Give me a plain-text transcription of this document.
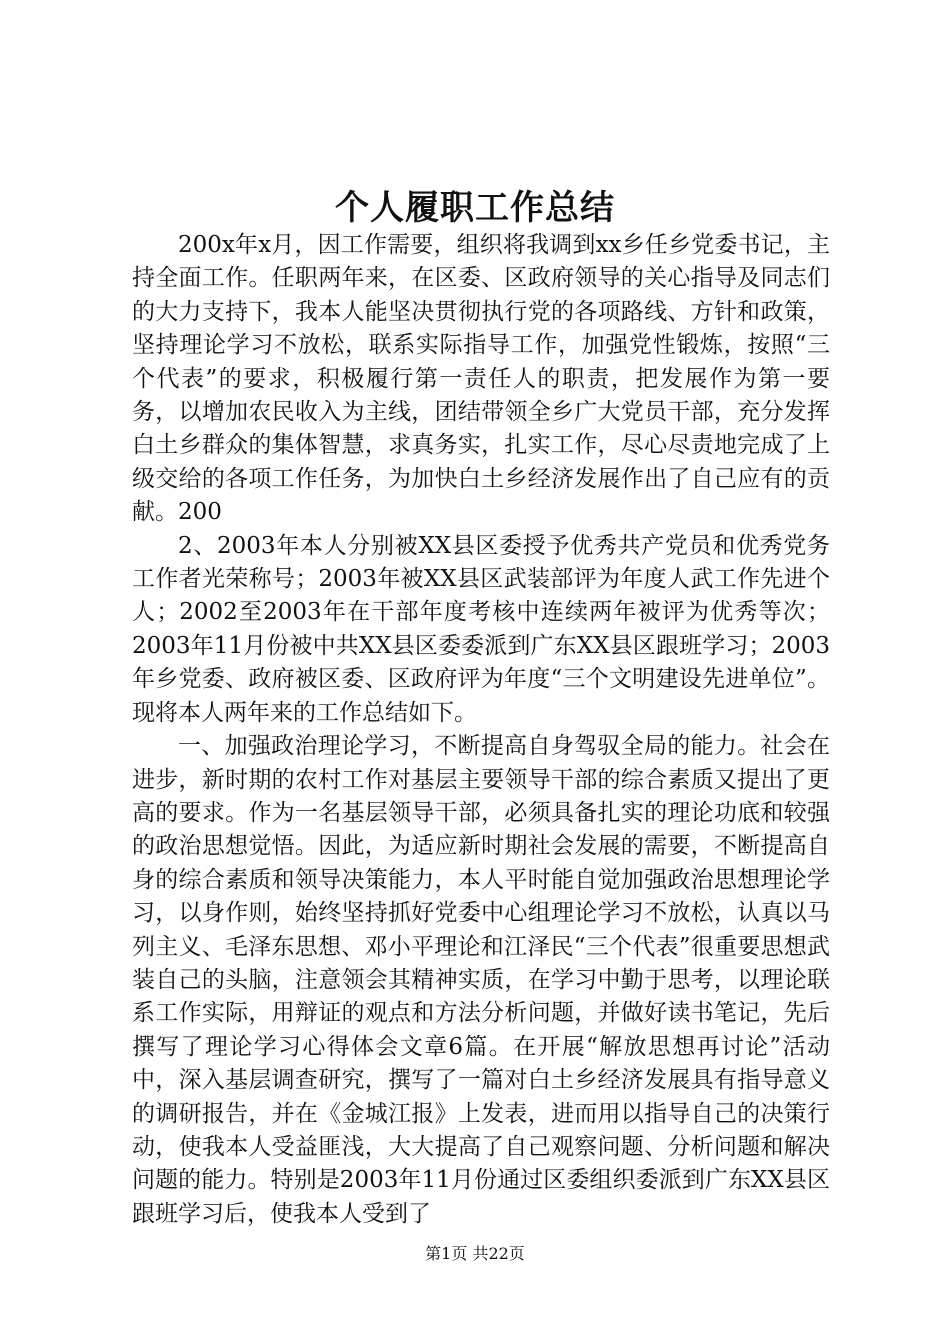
个人履职工作总结

200x年x月，因工作需要，组织将我调到xx乡任乡党委书记，主持全面工作。任职两年来，在区委、区政府领导的关心指导及同志们的大力支持下，我本人能坚决贯彻执行党的各项路线、方针和政策，坚持理论学习不放松，联系实际指导工作，加强党性锻炼，按照“三个代表”的要求，积极履行第一责任人的职责，把发展作为第一要务，以增加农民收入为主线，团结带领全乡广大党员干部，充分发挥白土乡群众的集体智慧，求真务实，扎实工作，尽心尽责地完成了上级交给的各项工作任务，为加快白土乡经济发展作出了自己应有的贡献。200

2、2003年本人分别被XX县区委授予优秀共产党员和优秀党务工作者光荣称号；2003年被XX县区武装部评为年度人武工作先进个人；2002至2003年在干部年度考核中连续两年被评为优秀等次；2003年11月份被中共XX县区委委派到广东XX县区跟班学习；2003年乡党委、政府被区委、区政府评为年度“三个文明建设先进单位”。现将本人两年来的工作总结如下。

一、加强政治理论学习，不断提高自身驾驭全局的能力。社会在进步，新时期的农村工作对基层主要领导干部的综合素质又提出了更高的要求。作为一名基层领导干部，必须具备扎实的理论功底和较强的政治思想觉悟。因此，为适应新时期社会发展的需要，不断提高自身的综合素质和领导决策能力，本人平时能自觉加强政治思想理论学习，以身作则，始终坚持抓好党委中心组理论学习不放松，认真以马列主义、毛泽东思想、邓小平理论和江泽民“三个代表”很重要思想武装自己的头脑，注意领会其精神实质，在学习中勤于思考，以理论联系工作实际，用辩证的观点和方法分析问题，并做好读书笔记，先后撰写了理论学习心得体会文章6篇。在开展“解放思想再讨论”活动中，深入基层调查研究，撰写了一篇对白土乡经济发展具有指导意义的调研报告，并在《金城江报》上发表，进而用以指导自己的决策行动，使我本人受益匪浅，大大提高了自己观察问题、分析问题和解决问题的能力。特别是2003年11月份通过区委组织委派到广东XX县区跟班学习后，使我本人受到了

第1页 共22页
